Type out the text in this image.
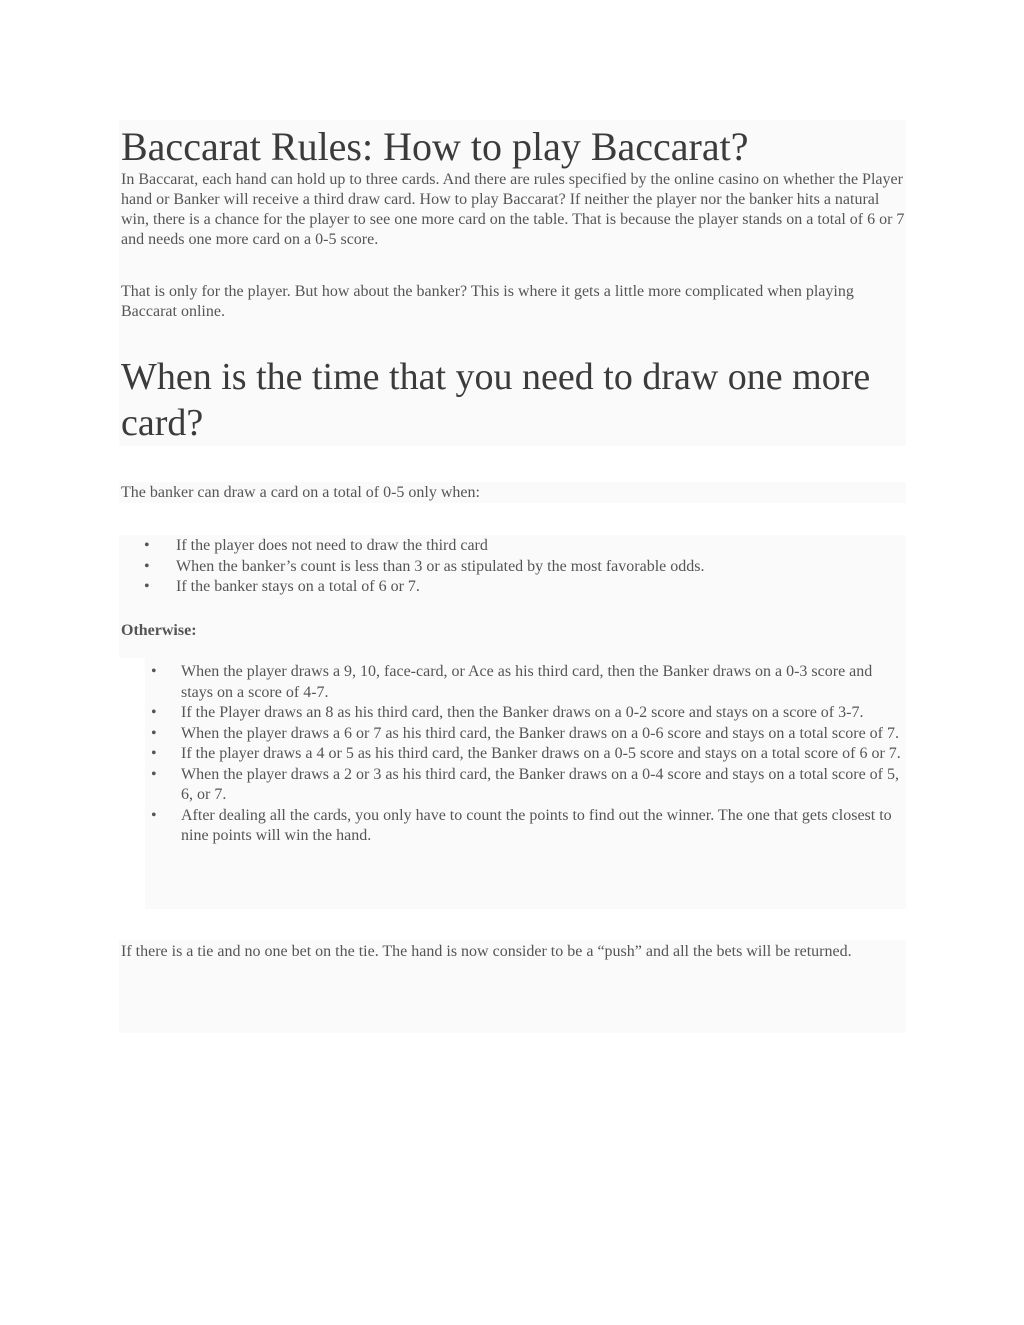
Baccarat Rules: How to play Baccarat?

In Baccarat, each hand can hold up to three cards. And there are rules specified by the online casino on whether the Player hand or Banker will receive a third draw card. How to play Baccarat? If neither the player nor the banker hits a natural win, there is a chance for the player to see one more card on the table. That is because the player stands on a total of 6 or 7 and needs one more card on a 0-5 score.

That is only for the player. But how about the banker? This is where it gets a little more complicated when playing Baccarat online.

When is the time that you need to draw one more card?

The banker can draw a card on a total of 0-5 only when:

• If the player does not need to draw the third card
• When the banker’s count is less than 3 or as stipulated by the most favorable odds.
• If the banker stays on a total of 6 or 7.

Otherwise:

• When the player draws a 9, 10, face-card, or Ace as his third card, then the Banker draws on a 0-3 score and stays on a score of 4-7.
• If the Player draws an 8 as his third card, then the Banker draws on a 0-2 score and stays on a score of 3-7.
• When the player draws a 6 or 7 as his third card, the Banker draws on a 0-6 score and stays on a total score of 7.
• If the player draws a 4 or 5 as his third card, the Banker draws on a 0-5 score and stays on a total score of 6 or 7.
• When the player draws a 2 or 3 as his third card, the Banker draws on a 0-4 score and stays on a total score of 5, 6, or 7.
• After dealing all the cards, you only have to count the points to find out the winner. The one that gets closest to nine points will win the hand.

If there is a tie and no one bet on the tie. The hand is now consider to be a “push” and all the bets will be returned.
